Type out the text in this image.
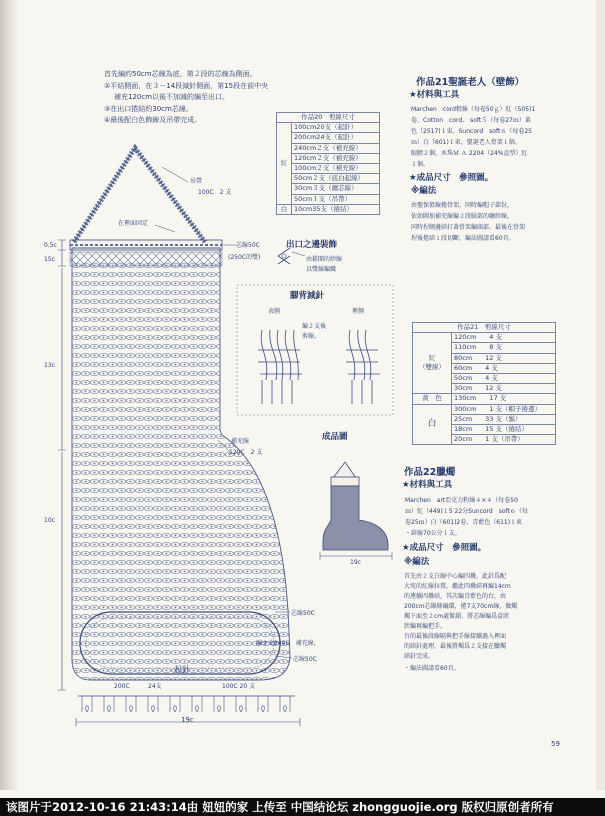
首先編約50cm芯線為底，第２段的芯線為側面。
②平結側面，在３－14段減針側面，第15段在前中央
補充120cm以後不加減的編至出口。
③在出口捲結約30cm芯線。
④最後配白色飾線及吊帶完成。	作品20　剪線尺寸	
紅	100cm20支（起針）
	200cm24支（起針）
	240cm２支（補充線）
	120cm２支（補充線）
	100cm２支（補充線）
	50cm２支（底白起線）
	30cm３支（纏芯線）
	50cm１支（吊帶）
白	10cm35支（捲結）
作品21聖誕老人（壁飾）
★材料與工具
Marchen　cord粗線（每卷50ｇ）紅（505)1
卷、Cotton　cord,　soft５（每卷27ｍ）黃
色（2517)１束、Suncord　soft６（每卷25
ｍ）白（601)１束、聖誕老人骨架１個、
眼睛２個、木珠Ｍ Ａ 2204（24%直型）紅
１個。
★成品尺寸　參照圖。
※編法
由聖保祖線捲骨架，同時編帽子部份，
依如圖加補充線編２段臉部的纏紗線，
同時捏側邊結打著骨架編頭部，最後在骨架
捏後捲結１段切斷，編法圖請看60頁。
作品21　剪線尺寸	
紅
（雙線）	120cm　　4 支
	110cm　　8 支
	80cm　　12 支
	60cm　　4 支
	50cm　　4 支
	30cm　　12 支
黃　色	130cm　　17 支
白	300cm　　1 支（帽子捲邊）
	25cm　　33 支（鬍）
	18cm　　15 支（捲結）
	20cm　　1 支（吊帶）
作品22臘燭
★材料與工具
Marchen　art亞克力粉線４×４（每卷50
ｍ）紅（449)１5 22分Suncord　soft６（每
卷25ｍ）白（601)2卷，青藍色（611)１束
・鋅線70公分１支。
★成品尺寸　參照圖。
※編法
首先由２支白線中心編四疊，此針爲配
大宛的紅線拉置，繼此四疊結再編14cm
的連續四疊結，其次編青藍色的台，由
200cm芯線條編環，捲7支70cm線，做燭
燭下面至２cm處緊鎖，將芯線編爲盒狀
狀編再編把手。
台的最後段線隔與把手線接續過入裡面
的結針處理，最後將燭爲２支接在臘燭
結針完成。
・編法圖請看60頁。
吊帶
100C　2 支
在裡面固定
芯線50C
(250C的雙)
0.5c
15c
13c
10c
19c
出口之邊裝飾
由鬆開的紗線
以雙線編織
腳背減針
表側	裡側
編２支後
剪線。
補充線
120C　2 支
芯線50C
編２支240C　補充線，
芯線50C
起針
200C	24支	100C 20 支
成品圖
19c
59
该图片于2012-10-16 21:43:14由 妞妞的家 上传至 中国结论坛 zhongguojie.org 版权归原创者所有
